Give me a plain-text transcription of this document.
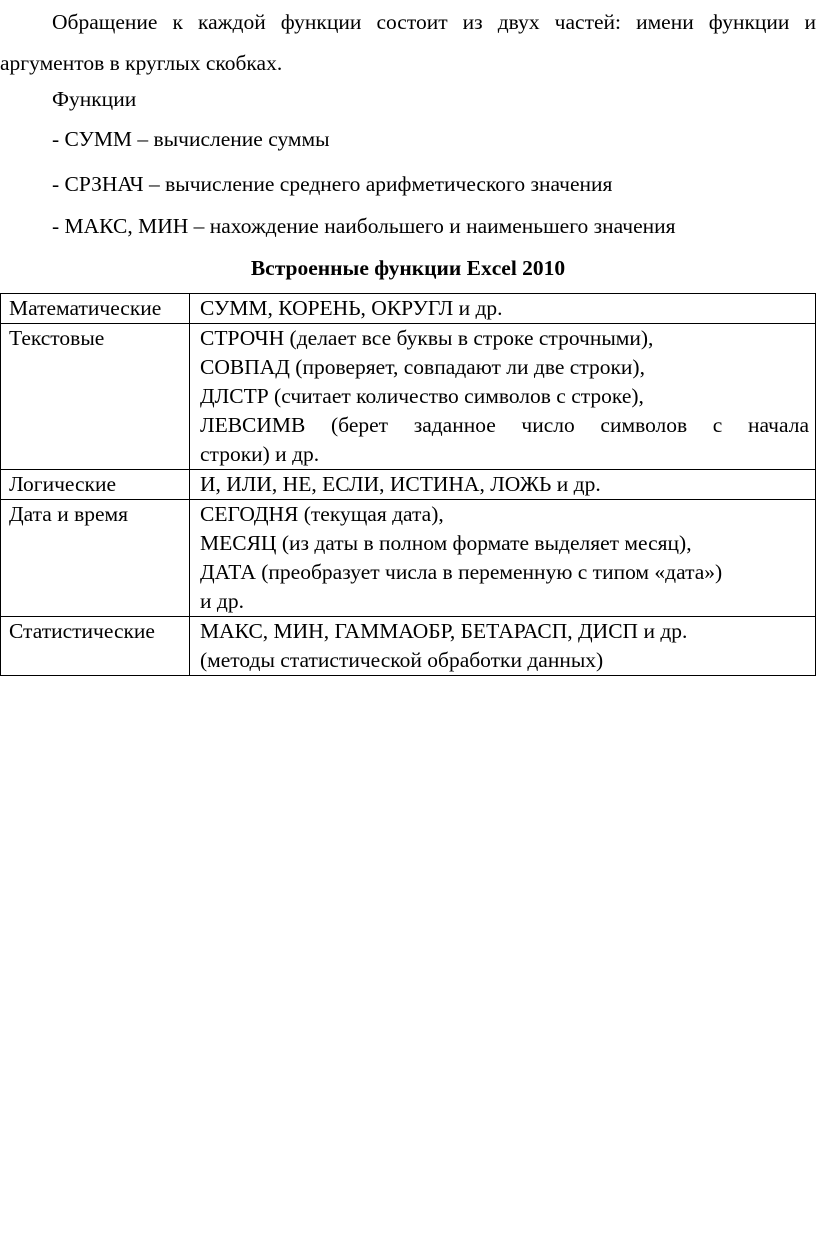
Обращение к каждой функции состоит из двух частей: имени функции и аргументов в круглых скобках.

Функции

- СУММ – вычисление суммы

- СРЗНАЧ – вычисление среднего арифметического значения

- МАКС, МИН – нахождение наибольшего и наименьшего значения

Встроенные функции Excel 2010

Математические	СУММ, КОРЕНЬ, ОКРУГЛ и др.

Текстовые	СТРОЧН (делает все буквы в строке строчными),
СОВПАД (проверяет, совпадают ли две строки),
ДЛСТР (считает количество символов с строке),
ЛЕВСИМВ (берет заданное число символов с начала
строки) и др.

Логические	И, ИЛИ, НЕ, ЕСЛИ, ИСТИНА, ЛОЖЬ и др.

Дата и время	СЕГОДНЯ (текущая дата),
МЕСЯЦ (из даты в полном формате выделяет месяц),
ДАТА (преобразует числа в переменную с типом «дата»)
и др.

Статистические	МАКС, МИН, ГАММАОБР, БЕТАРАСП, ДИСП и др.
(методы статистической обработки данных)
